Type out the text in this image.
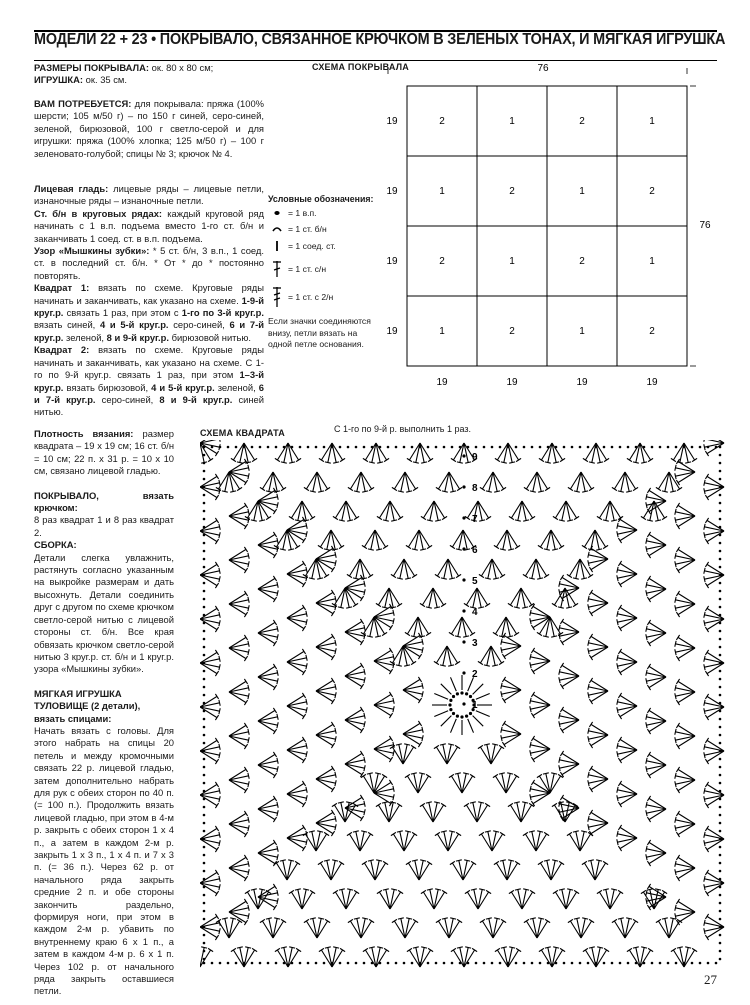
МОДЕЛИ 22 + 23 • ПОКРЫВАЛО, СВЯЗАННОЕ КРЮЧКОМ В ЗЕЛЕНЫХ ТОНАХ, И МЯГКАЯ ИГРУШКА
РАЗМЕРЫ ПОКРЫВАЛА: ок. 80 х 80 см;
ИГРУШКА: ок. 35 см.
ВАМ ПОТРЕБУЕТСЯ: для покрывала: пряжа (100% шерсти; 105 м/50 г) – по 150 г синей, серо-синей, зеленой, бирюзовой, 100 г светло-серой и для игрушки: пряжа (100% хлопка; 125 м/50 г) – 100 г зеленовато-голубой; спицы № 3; крючок № 4.
Лицевая гладь: лицевые ряды – лицевые петли, изнаночные ряды – изнаночные петли.
Ст. б/н в круговых рядах: каждый круговой ряд начинать с 1 в.п. подъема вместо 1-го ст. б/н и заканчивать 1 соед. ст. в в.п. подъема.
Узор «Мышкины зубки»: * 5 ст. б/н, 3 в.п., 1 соед. ст. в последний ст. б/н. * От * до * постоянно повторять.
Квадрат 1: вязать по схеме. Круговые ряды начинать и заканчивать, как указано на схеме. 1-9-й круг.р. связать 1 раз, при этом с 1-го по 3-й круг.р. вязать синей, 4 и 5-й круг.р. серо-синей, 6 и 7-й круг.р. зеленой, 8 и 9-й круг.р. бирюзовой нитью.
Квадрат 2: вязать по схеме. Круговые ряды начинать и заканчивать, как указано на схеме. С 1-го по 9-й круг.р. связать 1 раз, при этом 1–3-й круг.р. вязать бирюзовой, 4 и 5-й круг.р. зеленой, 6 и 7-й круг.р. серо-синей, 8 и 9-й круг.р. синей нитью.
Плотность вязания: размер квадрата – 19 х 19 см; 16 ст. б/н = 10 см; 22 п. х 31 р. = 10 х 10 см, связано лицевой гладью.
ПОКРЫВАЛО, вязать крючком:
8 раз квадрат 1 и 8 раз квадрат 2.
СБОРКА:
Детали слегка увлажнить, растянуть согласно указанным на выкройке размерам и дать высохнуть. Детали соединить друг с другом по схеме крючком светло-серой нитью с лицевой стороны ст. б/н. Все края обвязать крючком светло-серой нитью 3 круг.р. ст. б/н и 1 круг.р. узора «Мышкины зубки».
МЯГКАЯ ИГРУШКА
ТУЛОВИЩЕ (2 детали),
вязать спицами:
Начать вязать с головы. Для этого набрать на спицы 20 петель и между кромочными связать 22 р. лицевой гладью, затем дополнительно набрать для рук с обеих сторон по 40 п. (= 100 п.). Продолжить вязать лицевой гладью, при этом в 4-м р. закрыть с обеих сторон 1 х 4 п., а затем в каждом 2-м р. закрыть 1 х 3 п., 1 х 4 п. и 7 х 3 п. (= 36 п.). Через 62 р. от начального ряда закрыть средние 2 п. и обе стороны закончить раздельно, формируя ноги, при этом в каждом 2-м р. убавить по внутреннему краю 6 х 1 п., а затем в каждом 4-м р. 6 х 1 п. Через 102 р. от начального ряда закрыть оставшиеся петли.
СХЕМА ПОКРЫВАЛА	76
76
19
19
19
19
19	19	19	19
2	1	2	1
1	2	1	2
2	1	2	1
1	2	1	2
Условные обозначения:
= 1 в.п.
= 1 ст. б/н
= 1 соед. ст.
= 1 ст. с/н
= 1 ст. с 2/н
Если значки соединяются внизу, петли вязать на одной петле основания.
СХЕМА КВАДРАТА	С 1-го по 9-й р. выполнить 1 раз.
9
8
7
6
5
4
3
2
1
27
